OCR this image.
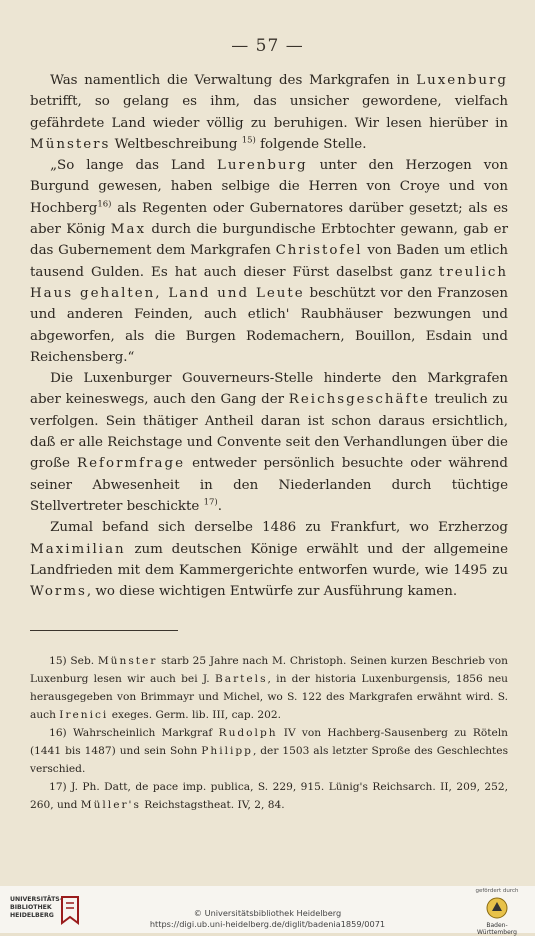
— 57 —

Was namentlich die Verwaltung des Markgrafen in Luxenburg betrifft, so gelang es ihm, das unsicher gewordene, vielfach gefährdete Land wieder völlig zu beruhigen. Wir lesen hierüber in Münsters Weltbeschreibung $^{15)}$ folgende Stelle.

„So lange das Land Lurenburg unter den Herzogen von Burgund gewesen, haben selbige die Herren von Croye und von Hochberg$^{16)}$ als Regenten oder Gubernatores darüber gesetzt; als es aber König Max durch die burgundische Erbtochter gewann, gab er das Gubernement dem Markgrafen Christofel von Baden um etlich tausend Gulden. Es hat auch dieser Fürst daselbst ganz treulich Haus gehalten, Land und Leute beschützt vor den Franzosen und anderen Feinden, auch etlich' Raubhäuser bezwungen und abgeworfen, als die Burgen Rodemachern, Bouillon, Esdain und Reichensberg.“

Die Luxenburger Gouverneurs-Stelle hinderte den Markgrafen aber keineswegs, auch den Gang der Reichsgeschäfte treulich zu verfolgen. Sein thätiger Antheil daran ist schon daraus ersichtlich, daß er alle Reichstage und Convente seit den Verhandlungen über die große Reformfrage entweder persönlich besuchte oder während seiner Abwesenheit in den Niederlanden durch tüchtige Stellvertreter beschickte $^{17)}$.

Zumal befand sich derselbe 1486 zu Frankfurt, wo Erzherzog Maximilian zum deutschen Könige erwählt und der allgemeine Landfrieden mit dem Kammergerichte entworfen wurde, wie 1495 zu Worms, wo diese wichtigen Entwürfe zur Ausführung kamen.

15) Seb. Münster starb 25 Jahre nach M. Christoph. Seinen kurzen Beschrieb von Luxenburg lesen wir auch bei J. Bartels, in der historia Luxenburgensis, 1856 neu herausgegeben von Brimmayr und Michel, wo S. 122 des Markgrafen erwähnt wird. S. auch Irenici exeges. Germ. lib. III, cap. 202.

16) Wahrscheinlich Markgraf Rudolph IV von Hachberg-Sausenberg zu Röteln (1441 bis 1487) und sein Sohn Philipp, der 1503 als letzter Sproße des Geschlechtes verschied.

17) J. Ph. Datt, de pace imp. publica, S. 229, 915. Lünig's Reichsarch. II, 209, 252, 260, und Müller's Reichstagstheat. IV, 2, 84.

UNIVERSITÄTS-
BIBLIOTHEK
HEIDELBERG	© Universitätsbibliothek Heidelberg
https://digi.ub.uni-heidelberg.de/diglit/badenia1859/0071
gefördert durch
Baden-Württemberg
